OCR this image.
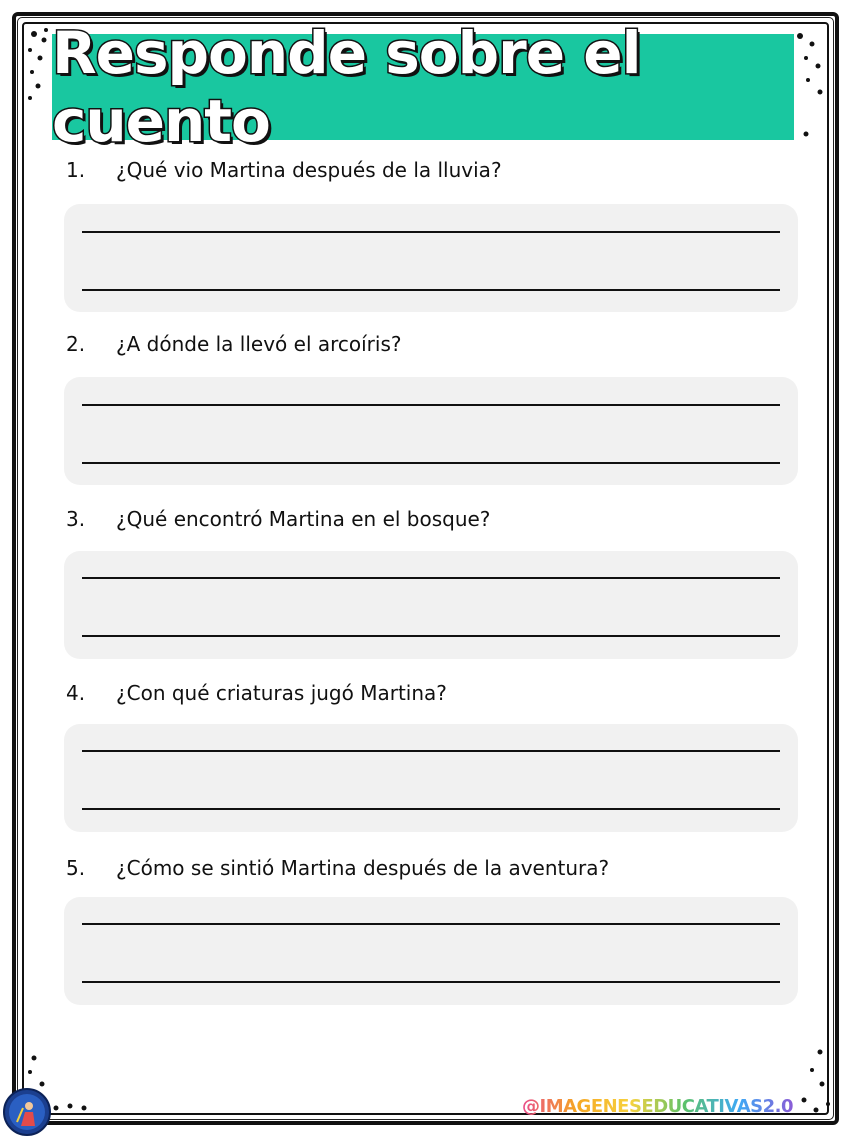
Responde sobre el cuento
1.	¿Qué vio Martina después de la lluvia?
2.	¿A dónde la llevó el arcoíris?
3.	¿Qué encontró Martina en el bosque?
4.	¿Con qué criaturas jugó Martina?
5.	¿Cómo se sintió Martina después de la aventura?
@IMAGENESEDUCATIVAS2.0
